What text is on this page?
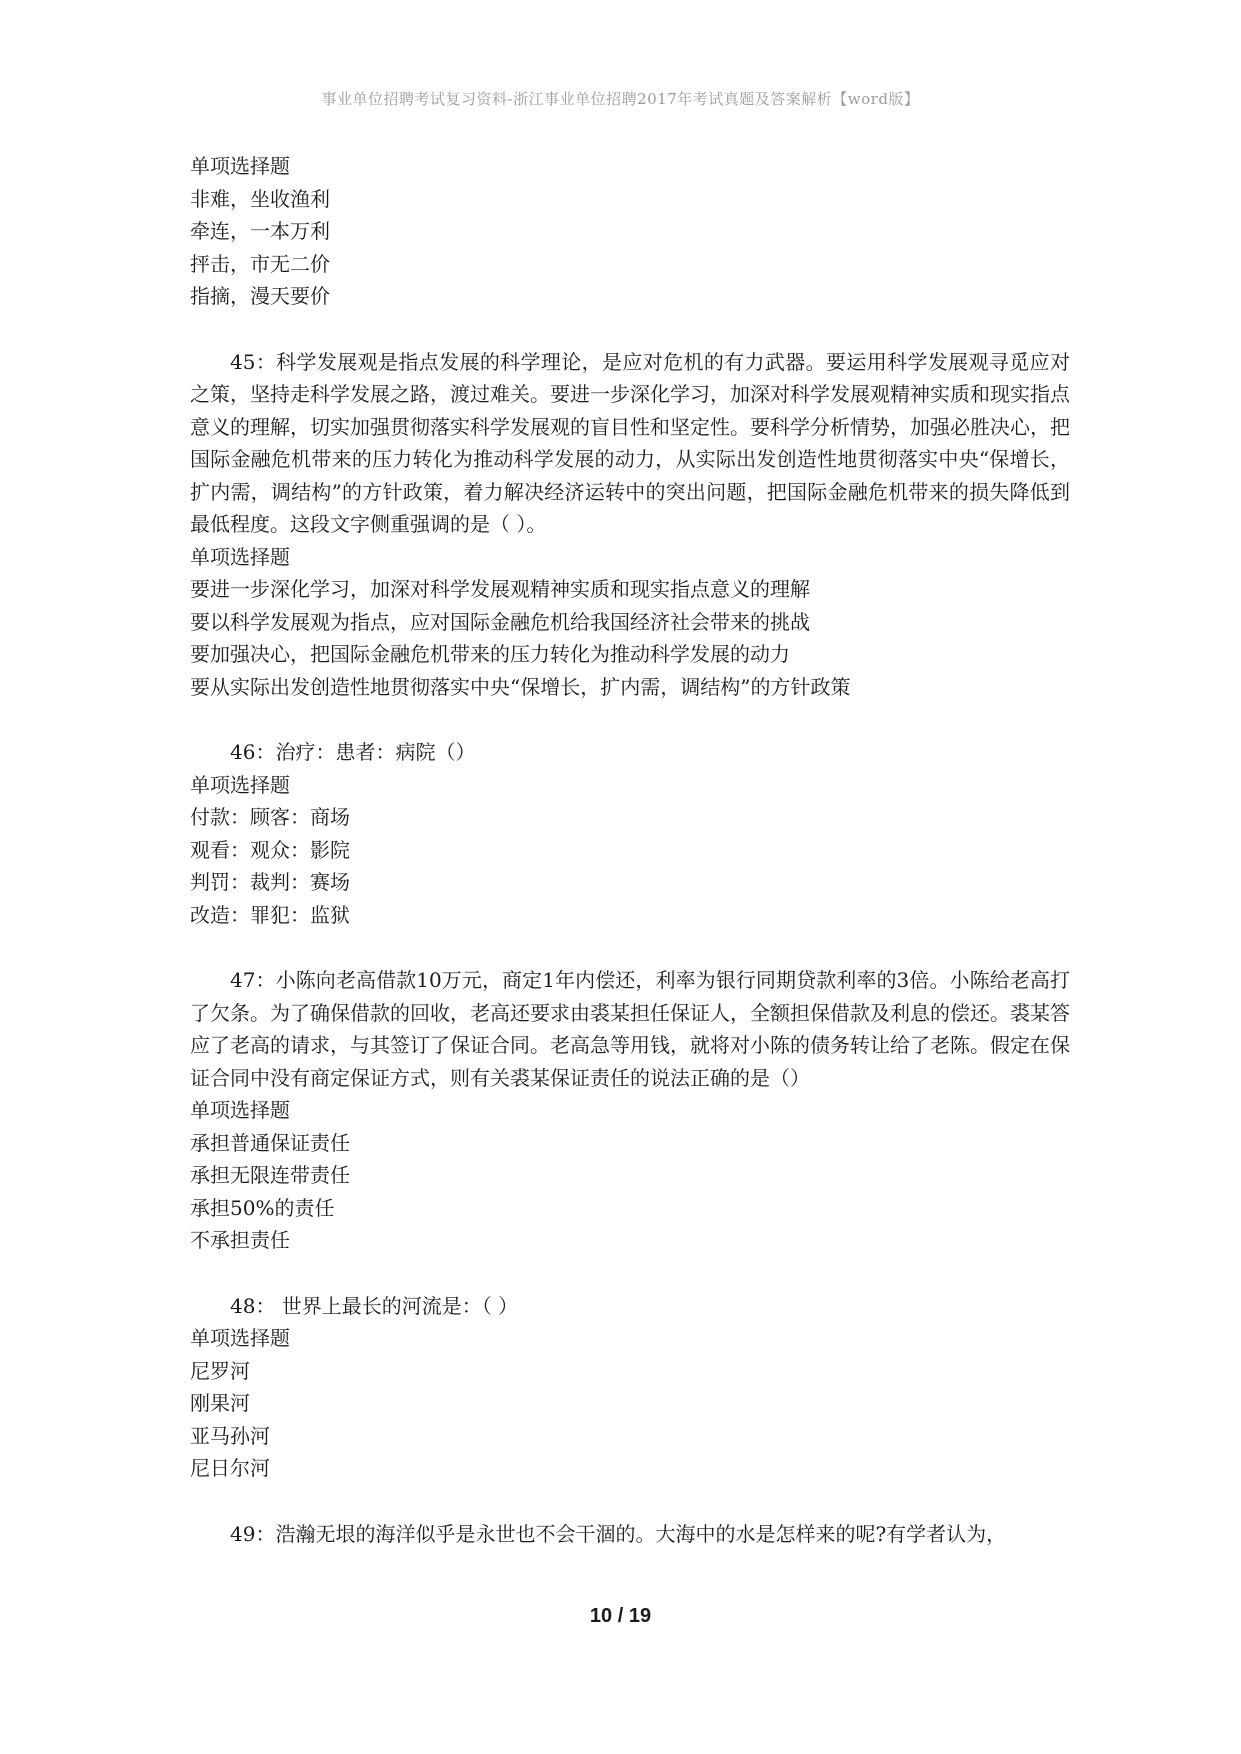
事业单位招聘考试复习资料-浙江事业单位招聘2017年考试真题及答案解析【word版】
单项选择题
非难，坐收渔利
牵连，一本万利
抨击，市无二价
指摘，漫天要价
45：科学发展观是指点发展的科学理论，是应对危机的有力武器。要运用科学发展观寻觅应对之策，坚持走科学发展之路，渡过难关。要进一步深化学习，加深对科学发展观精神实质和现实指点意义的理解，切实加强贯彻落实科学发展观的盲目性和坚定性。要科学分析情势，加强必胜决心，把国际金融危机带来的压力转化为推动科学发展的动力，从实际出发创造性地贯彻落实中央“保增长，扩内需，调结构”的方针政策，着力解决经济运转中的突出问题，把国际金融危机带来的损失降低到最低程度。这段文字侧重强调的是（ ）。
单项选择题
要进一步深化学习，加深对科学发展观精神实质和现实指点意义的理解
要以科学发展观为指点，应对国际金融危机给我国经济社会带来的挑战
要加强决心，把国际金融危机带来的压力转化为推动科学发展的动力
要从实际出发创造性地贯彻落实中央“保增长，扩内需，调结构”的方针政策
46：治疗：患者：病院（）
单项选择题
付款：顾客：商场
观看：观众：影院
判罚：裁判：赛场
改造：罪犯：监狱
47：小陈向老高借款10万元，商定1年内偿还，利率为银行同期贷款利率的3倍。小陈给老高打了欠条。为了确保借款的回收，老高还要求由裘某担任保证人，全额担保借款及利息的偿还。裘某答应了老高的请求，与其签订了保证合同。老高急等用钱，就将对小陈的债务转让给了老陈。假定在保证合同中没有商定保证方式，则有关裘某保证责任的说法正确的是（）
单项选择题
承担普通保证责任
承担无限连带责任
承担50%的责任
不承担责任
48： 世界上最长的河流是：（ ）
单项选择题
尼罗河
刚果河
亚马孙河
尼日尔河
49：浩瀚无垠的海洋似乎是永世也不会干涸的。大海中的水是怎样来的呢?有学者认为，
10 / 19
